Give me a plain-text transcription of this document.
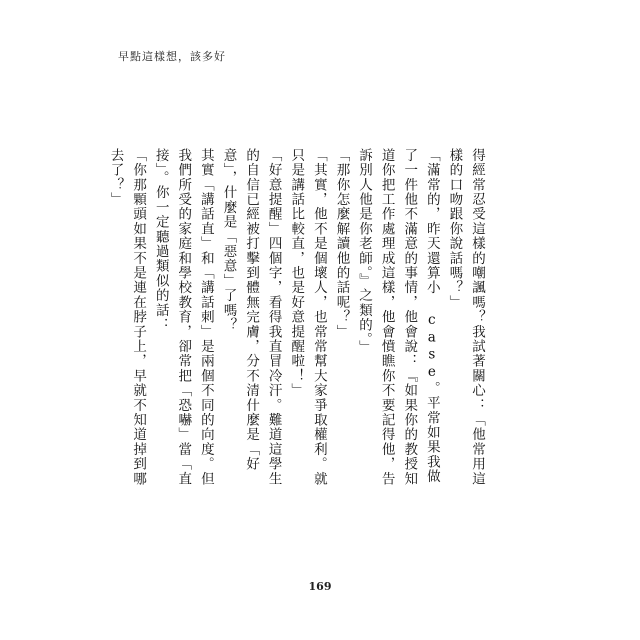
早點這樣想，該多好

得經常忍受這樣的嘲諷嗎？我試著關心：「他常用這樣的口吻跟你說話嗎？」

「滿常的，昨天還算小 case。平常如果我做了一件他不滿意的事情，他會說：『如果你的教授知道你把工作處理成這樣，他會憤瞧你不要記得他，告訴別人他是你老師。』之類的。」

「那你怎麼解讀他的話呢？」

「其實，他不是個壞人，也常常幫大家爭取權利。就只是講話比較直，也是好意提醒啦！」

「好意提醒」四個字，看得我直冒冷汗。難道這學生的自信已經被打擊到體無完膚，分不清什麼是「好意」，什麼是「惡意」了嗎？

其實「講話直」和「講話刺」是兩個不同的向度。但我們所受的家庭和學校教育，卻常把「恐嚇」當「直接」。你一定聽過類似的話：

「你那顆頭如果不是連在脖子上，早就不知道掉到哪去了？」

169
